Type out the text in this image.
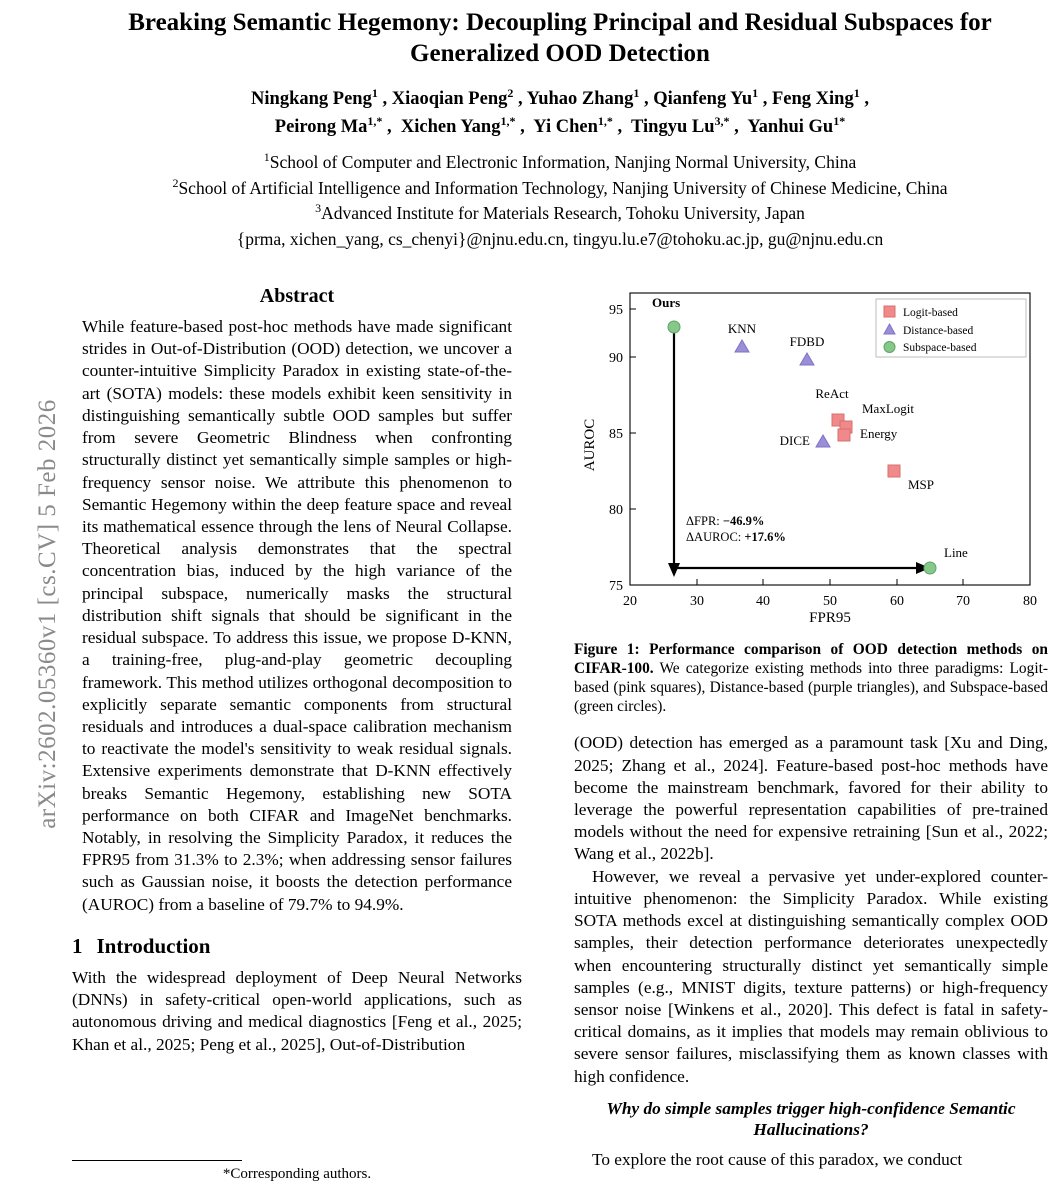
arXiv:2602.05360v1 [cs.CV] 5 Feb 2026
Breaking Semantic Hegemony: Decoupling Principal and Residual Subspaces for Generalized OOD Detection
Ningkang Peng$^1$ , Xiaoqian Peng$^2$ , Yuhao Zhang$^1$ , Qianfeng Yu$^1$ , Feng Xing$^1$ ,
Peirong $Ma^{1,*}$ ,  Xichen Yang$^{1,*}$ ,  Yi Chen$^{1,*}$ ,  Tingyu $Lu^{3,*}$ ,  Yanhui $Gu^{1*}$
$^1$School of Computer and Electronic Information, Nanjing Normal University, China
$^2$School of Artificial Intelligence and Information Technology, Nanjing University of Chinese Medicine, China
$^3$Advanced Institute for Materials Research, Tohoku University, Japan
{prma, xichen_yang, cs_chenyi}@njnu.edu.cn, tingyu.lu.e7@tohoku.ac.jp, gu@njnu.edu.cn
Abstract

While feature-based post-hoc methods have made significant strides in Out-of-Distribution (OOD) detection, we uncover a counter-intuitive Simplicity Paradox in existing state-of-the-art (SOTA) models: these models exhibit keen sensitivity in distinguishing semantically subtle OOD samples but suffer from severe Geometric Blindness when confronting structurally distinct yet semantically simple samples or high-frequency sensor noise. We attribute this phenomenon to Semantic Hegemony within the deep feature space and reveal its mathematical essence through the lens of Neural Collapse. Theoretical analysis demonstrates that the spectral concentration bias, induced by the high variance of the principal subspace, numerically masks the structural distribution shift signals that should be significant in the residual subspace. To address this issue, we propose D-KNN, a training-free, plug-and-play geometric decoupling framework. This method utilizes orthogonal decomposition to explicitly separate semantic components from structural residuals and introduces a dual-space calibration mechanism to reactivate the model's sensitivity to weak residual signals. Extensive experiments demonstrate that D-KNN effectively breaks Semantic Hegemony, establishing new SOTA performance on both CIFAR and ImageNet benchmarks. Notably, in resolving the Simplicity Paradox, it reduces the FPR95 from 31.3% to 2.3%; when addressing sensor failures such as Gaussian noise, it boosts the detection performance (AUROC) from a baseline of 79.7% to 94.9%.

1 Introduction

With the widespread deployment of Deep Neural Networks (DNNs) in safety-critical open-world applications, such as autonomous driving and medical diagnostics [Feng et al., 2025; Khan et al., 2025; Peng et al., 2025], Out-of-Distribution

75
80
85
90
95
AUROC
20	30	40	50	60	70	80
FPR95
Logit-based
Distance-based
Subspace-based
ΔFPR: −46.9%
ΔAUROC: +17.6%
Ours
KNN
FDBD
ReAct
MaxLogit
Energy
DICE
MSP
Line
Figure 1: Performance comparison of OOD detection methods on CIFAR-100. We categorize existing methods into three paradigms: Logit-based (pink squares), Distance-based (purple triangles), and Subspace-based (green circles).

(OOD) detection has emerged as a paramount task [Xu and Ding, 2025; Zhang et al., 2024]. Feature-based post-hoc methods have become the mainstream benchmark, favored for their ability to leverage the powerful representation capabilities of pre-trained models without the need for expensive retraining [Sun et al., 2022; Wang et al., 2022b].

However, we reveal a pervasive yet under-explored counter-intuitive phenomenon: the Simplicity Paradox. While existing SOTA methods excel at distinguishing semantically complex OOD samples, their detection performance deteriorates unexpectedly when encountering structurally distinct yet semantically simple samples (e.g., MNIST digits, texture patterns) or high-frequency sensor noise [Winkens et al., 2020]. This defect is fatal in safety-critical domains, as it implies that models may remain oblivious to severe sensor failures, misclassifying them as known classes with high confidence.

Why do simple samples trigger high-confidence Semantic Hallucinations?

To explore the root cause of this paradox, we conduct

*Corresponding authors.
